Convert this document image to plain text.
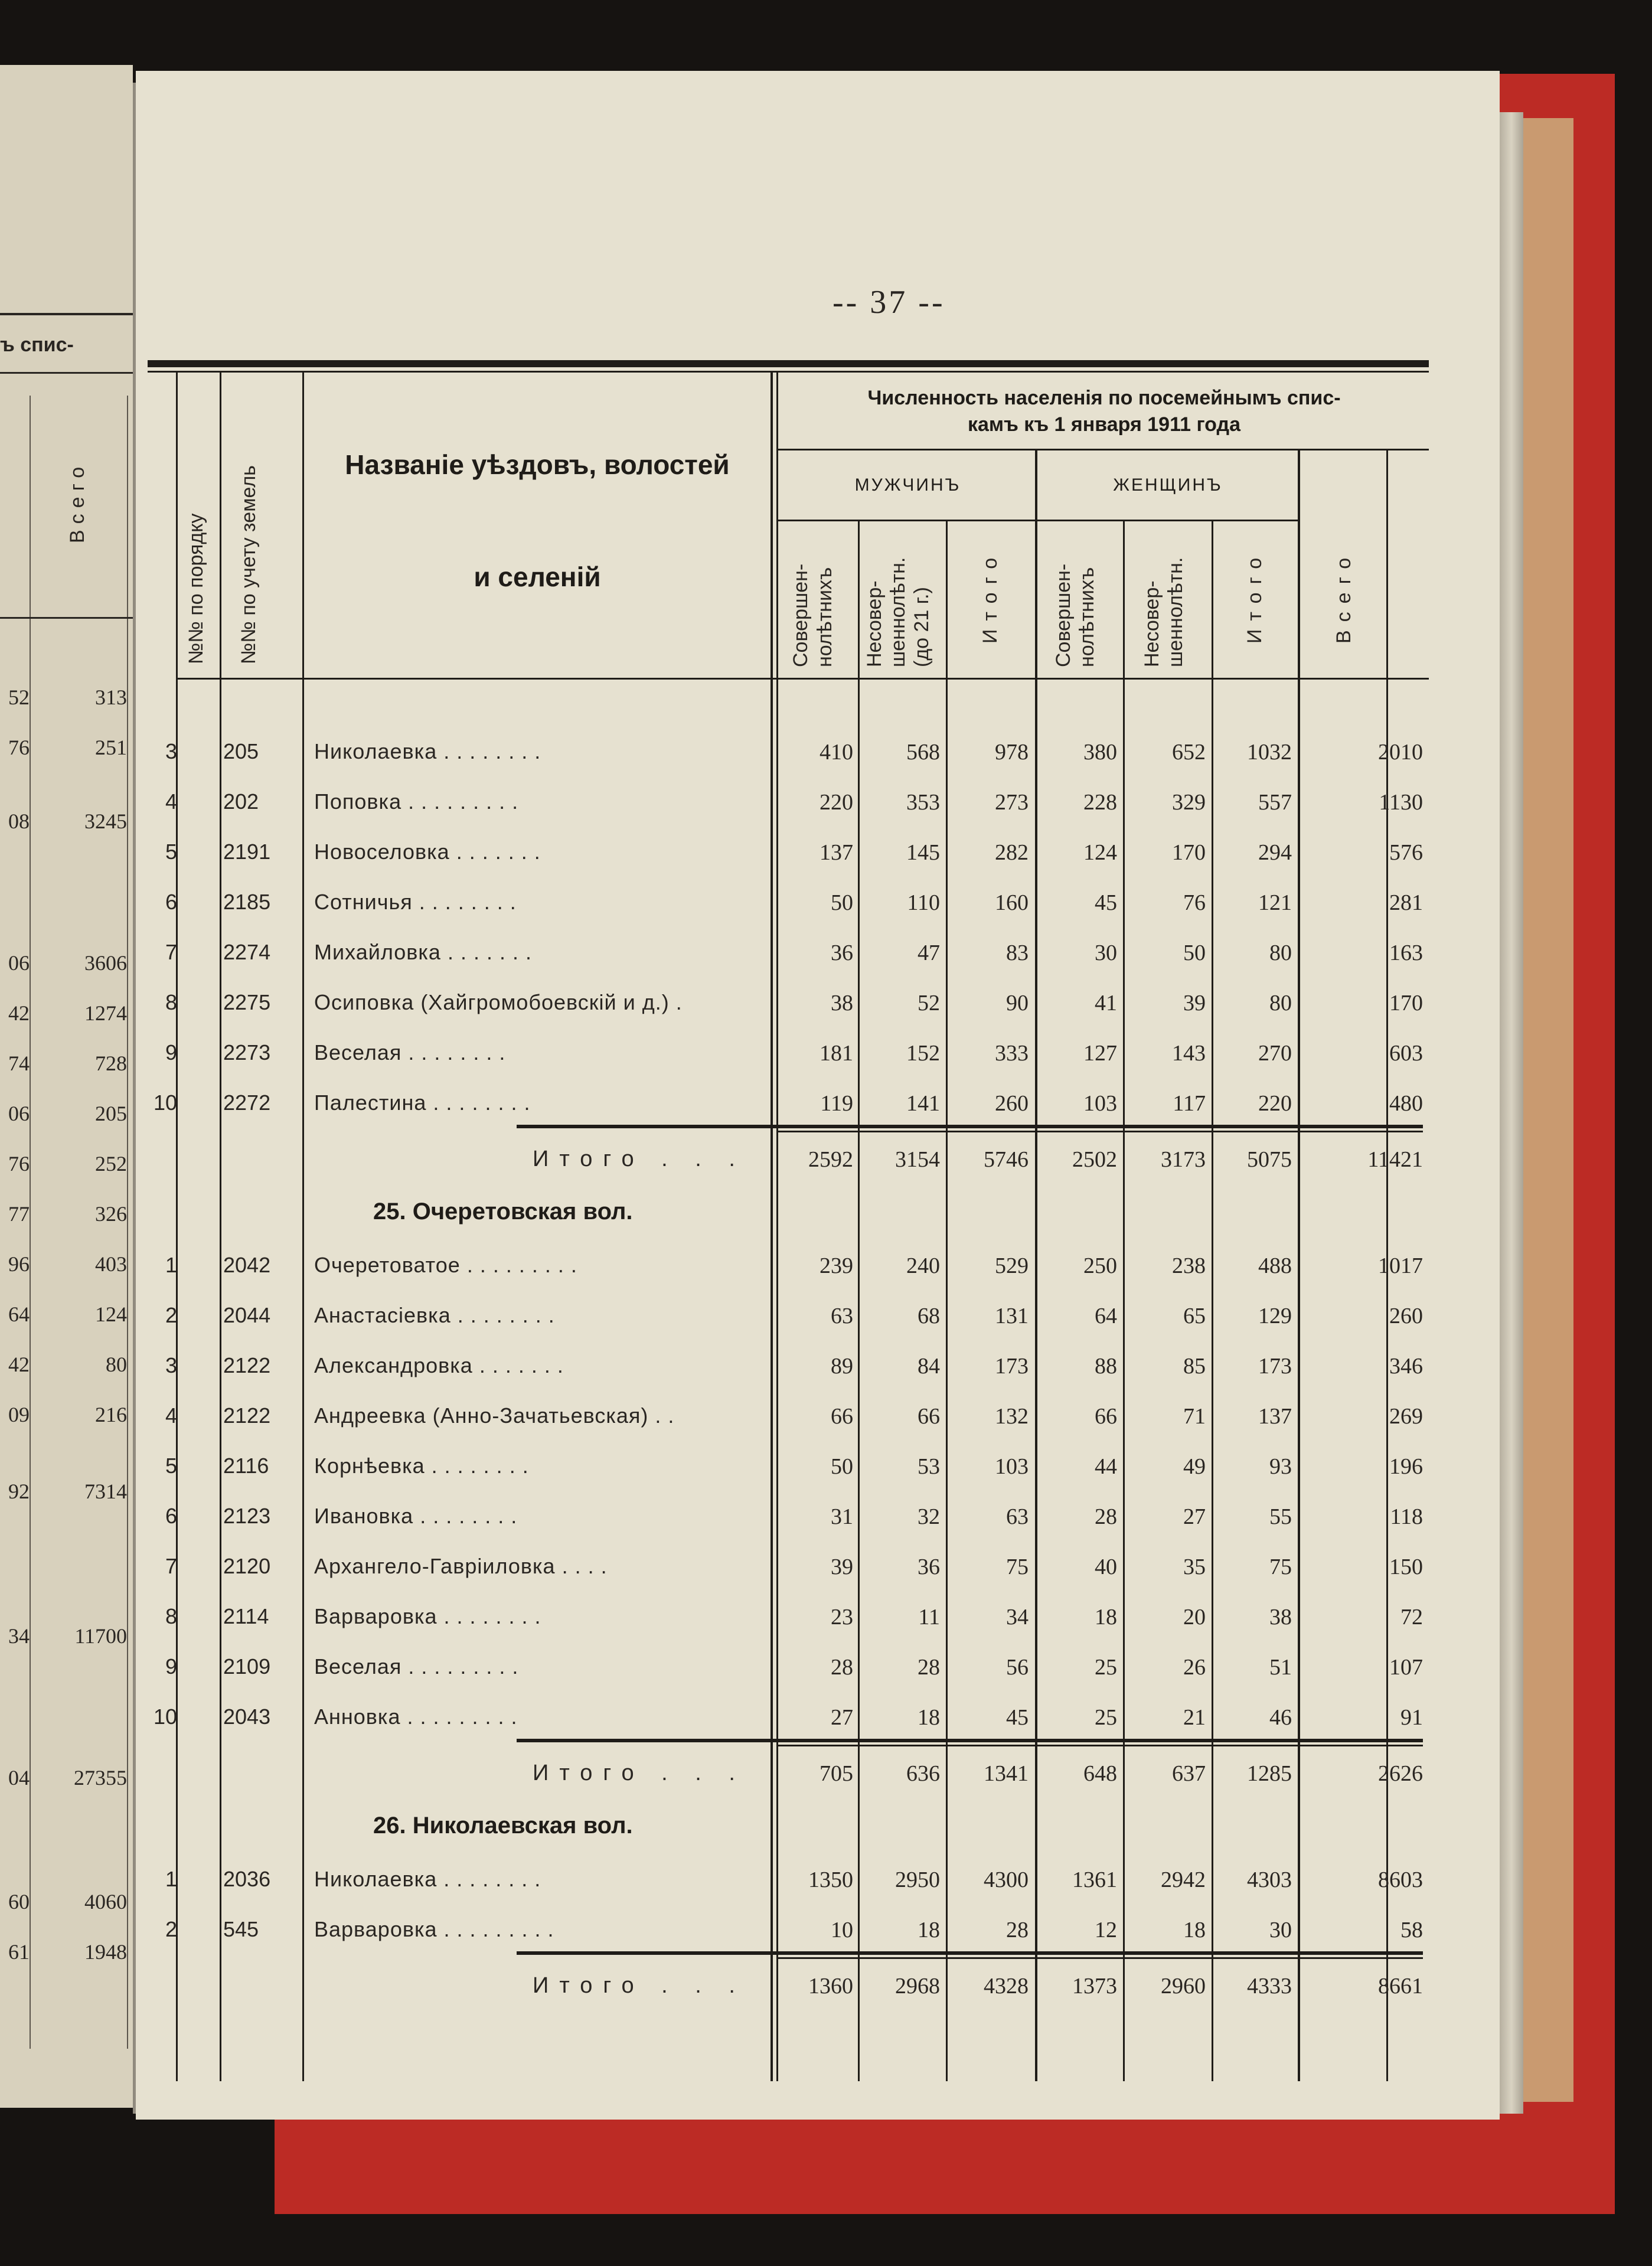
ъ спис-
Всего
52	313
76	251
08	3245
06	3606
42	1274
74	728
06	205
76	252
77	326
96	403
64	124
42	80
09	216
92	7314
34	11700
04	27355
60	4060
61	1948
-- 37 --
№№ по порядку №№ по учету земель
Названіе уѣздовъ, волостей
и селеній
Численность населенія по посемейнымъ спис-
камъ къ 1 января 1911 года
МУЖЧИНЪ	ЖЕНЩИНЪ
Совершен- нолѣтнихъ Несовер- шеннолѣтн. (до 21 г.) Итого	Совершен- нолѣтнихъ Несовер- шеннолѣтн.	Итого	Всего
3 205	Николаевка . . . . . . . .	410	568	978	380	652	1032	2010
4 202	Поповка . . . . . . . . .	220	353	273	228	329	557	1130
5 2191 Новоселовка . . . . . . .	137	145	282	124	170	294	576
6 2185 Сотничья . . . . . . . .	50	110	160	45	76	121	281
7 2274 Михайловка . . . . . . .	36	47	83	30	50	80	163
8 2275 Осиповка (Хайгромобоевскій и д.) .	38	52	90	41	39	80	170
9 2273 Веселая . . . . . . . .	181	152	333	127	143	270	603
10 2272 Палестина . . . . . . . .	119	141	260	103	117	220	480
Итого . . .	2592	3154	5746	2502	3173	5075	11421
25. Очеретовская вол.
1 2042 Очеретоватое . . . . . . . . .	239	240	529	250	238	488	1017
2 2044 Анастасіевка . . . . . . . .	63	68	131	64	65	129	260
3 2122 Александровка . . . . . . .	89	84	173	88	85	173	346
4 2122 Андреевка (Анно-Зачатьевская) . .	66	66	132	66	71	137	269
5 2116 Корнѣевка . . . . . . . .	50	53	103	44	49	93	196
6 2123 Ивановка . . . . . . . .	31	32	63	28	27	55	118
7 2120 Архангело-Гавріиловка . . . .	39	36	75	40	35	75	150
8 2114 Варваровка . . . . . . . .	23	11	34	18	20	38	72
9 2109 Веселая . . . . . . . . .	28	28	56	25	26	51	107
10 2043 Анновка . . . . . . . . .	27	18	45	25	21	46	91
Итого . . .	705	636	1341	648	637	1285	2626
26. Николаевская вол.
1 2036 Николаевка . . . . . . . .	1350	2950	4300	1361	2942	4303	8603
2 545	Варваровка . . . . . . . . .	10	18	28	12	18	30	58
Итого . . .	1360	2968	4328	1373	2960	4333	8661
